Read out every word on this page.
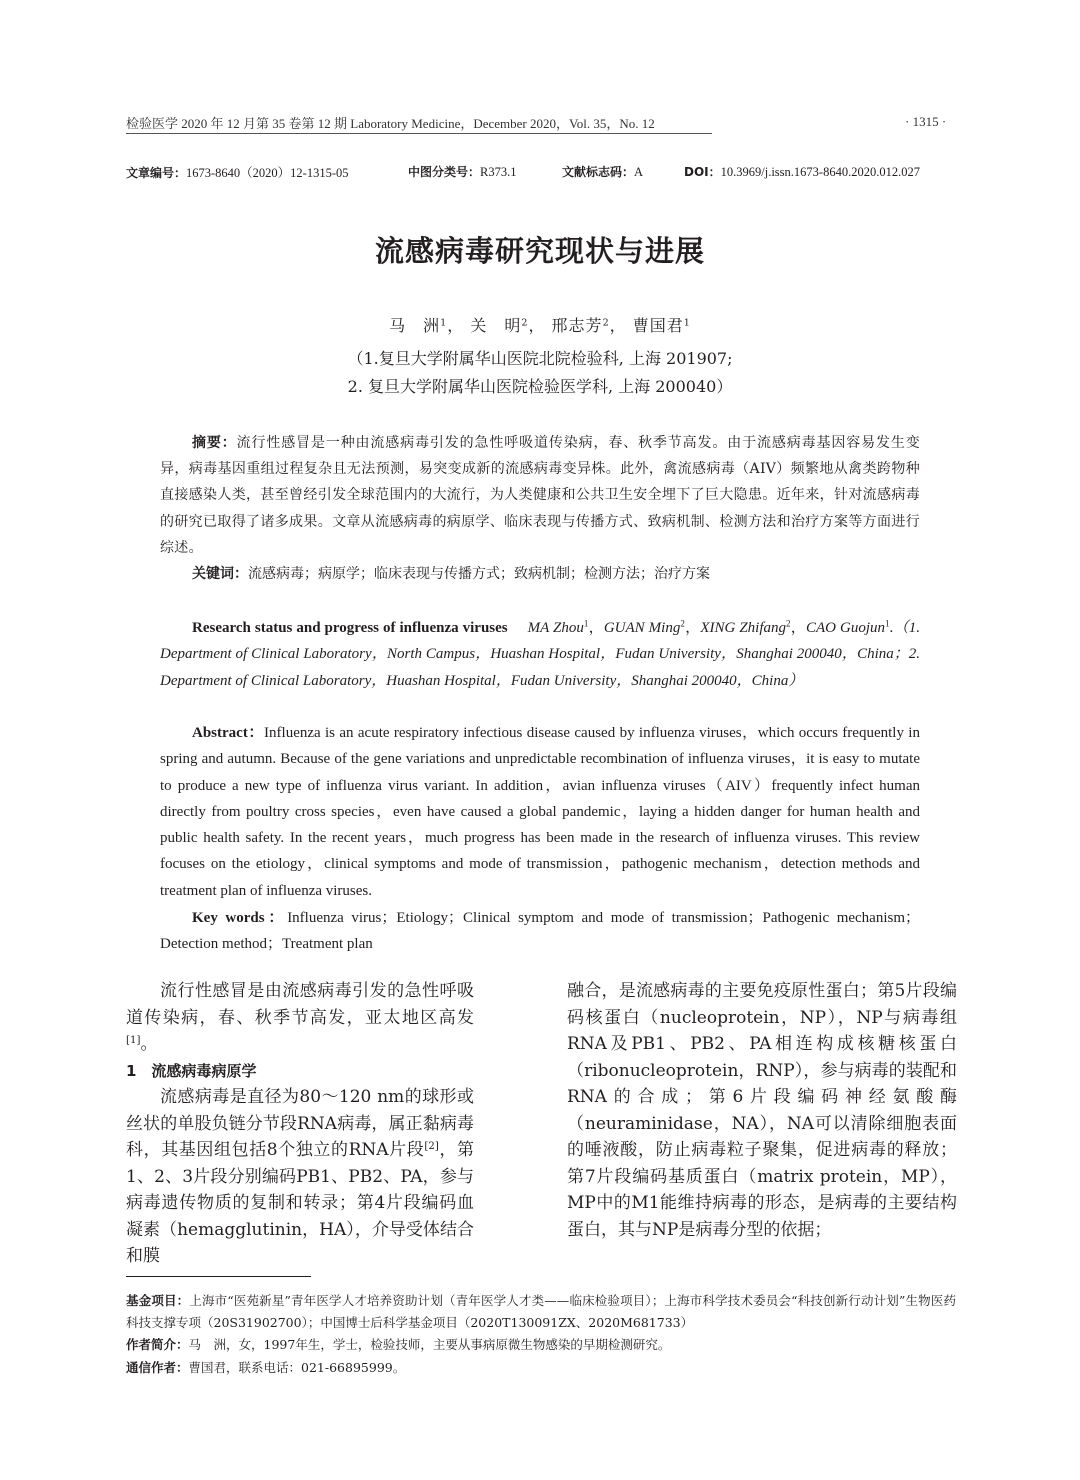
检验医学 2020 年 12 月第 35 卷第 12 期 Laboratory Medicine，December 2020，Vol. 35，No. 12	· 1315 ·
文章编号：1673-8640（2020）12-1315-05	中图分类号：R373.1	文献标志码：A	DOI：10.3969/j.issn.1673-8640.2020.012.027
流感病毒研究现状与进展
马　洲$^1$， 关　明$^2$， 邢志芳$^2$， 曹国君$^1$
（1.复旦大学附属华山医院北院检验科, 上海 201907;
2. 复旦大学附属华山医院检验医学科, 上海 200040）
摘要：流行性感冒是一种由流感病毒引发的急性呼吸道传染病，春、秋季节高发。由于流感病毒基因容易发生变异，病毒基因重组过程复杂且无法预测，易突变成新的流感病毒变异株。此外，禽流感病毒（AIV）频繁地从禽类跨物种直接感染人类，甚至曾经引发全球范围内的大流行，为人类健康和公共卫生安全埋下了巨大隐患。近年来，针对流感病毒的研究已取得了诸多成果。文章从流感病毒的病原学、临床表现与传播方式、致病机制、检测方法和治疗方案等方面进行综述。
关键词：流感病毒；病原学；临床表现与传播方式；致病机制；检测方法；治疗方案
Research status and progress of influenza viruses MA Zhou$^1$，GUAN Ming$^2$，XING Zhifang$^2$，CAO Guojun$^1$.（1. Department of Clinical Laboratory，North Campus，Huashan Hospital，Fudan University，Shanghai 200040，China；2. Department of Clinical Laboratory，Huashan Hospital，Fudan University，Shanghai 200040，China）
Abstract：Influenza is an acute respiratory infectious disease caused by influenza viruses，which occurs frequently in spring and autumn. Because of the gene variations and unpredictable recombination of influenza viruses，it is easy to mutate to produce a new type of influenza virus variant. In addition，avian influenza viruses（AIV）frequently infect human directly from poultry cross species，even have caused a global pandemic，laying a hidden danger for human health and public health safety. In the recent years，much progress has been made in the research of influenza viruses. This review focuses on the etiology，clinical symptoms and mode of transmission，pathogenic mechanism，detection methods and treatment plan of influenza viruses.
Key words：Influenza virus；Etiology；Clinical symptom and mode of transmission；Pathogenic mechanism；Detection method；Treatment plan

流行性感冒是由流感病毒引发的急性呼吸道传染病，春、秋季节高发，亚太地区高发[1]。

1　流感病毒病原学

流感病毒是直径为80～120 nm的球形或丝状的单股负链分节段RNA病毒，属正黏病毒科，其基因组包括8个独立的RNA片段[2]，第1、2、3片段分别编码PB1、PB2、PA，参与病毒遗传物质的复制和转录；第4片段编码血凝素（hemagglutinin，HA），介导受体结合和膜

融合，是流感病毒的主要免疫原性蛋白；第5片段编码核蛋白（nucleoprotein，NP），NP与病毒组RNA及PB1、PB2、PA相连构成核糖核蛋白（ribonucleoprotein，RNP），参与病毒的装配和RNA的合成；第6片段编码神经氨酸酶（neuraminidase，NA），NA可以清除细胞表面的唾液酸，防止病毒粒子聚集，促进病毒的释放；第7片段编码基质蛋白（matrix protein，MP），MP中的M1能维持病毒的形态，是病毒的主要结构蛋白，其与NP是病毒分型的依据；

基金项目：上海市“医苑新星”青年医学人才培养资助计划（青年医学人才类——临床检验项目）；上海市科学技术委员会“科技创新行动计划”生物医药科技支撑专项（20S31902700）；中国博士后科学基金项目（2020T130091ZX、2020M681733）
作者简介：马　洲，女，1997年生，学士，检验技师，主要从事病原微生物感染的早期检测研究。
通信作者：曹国君，联系电话：021-66895999。
